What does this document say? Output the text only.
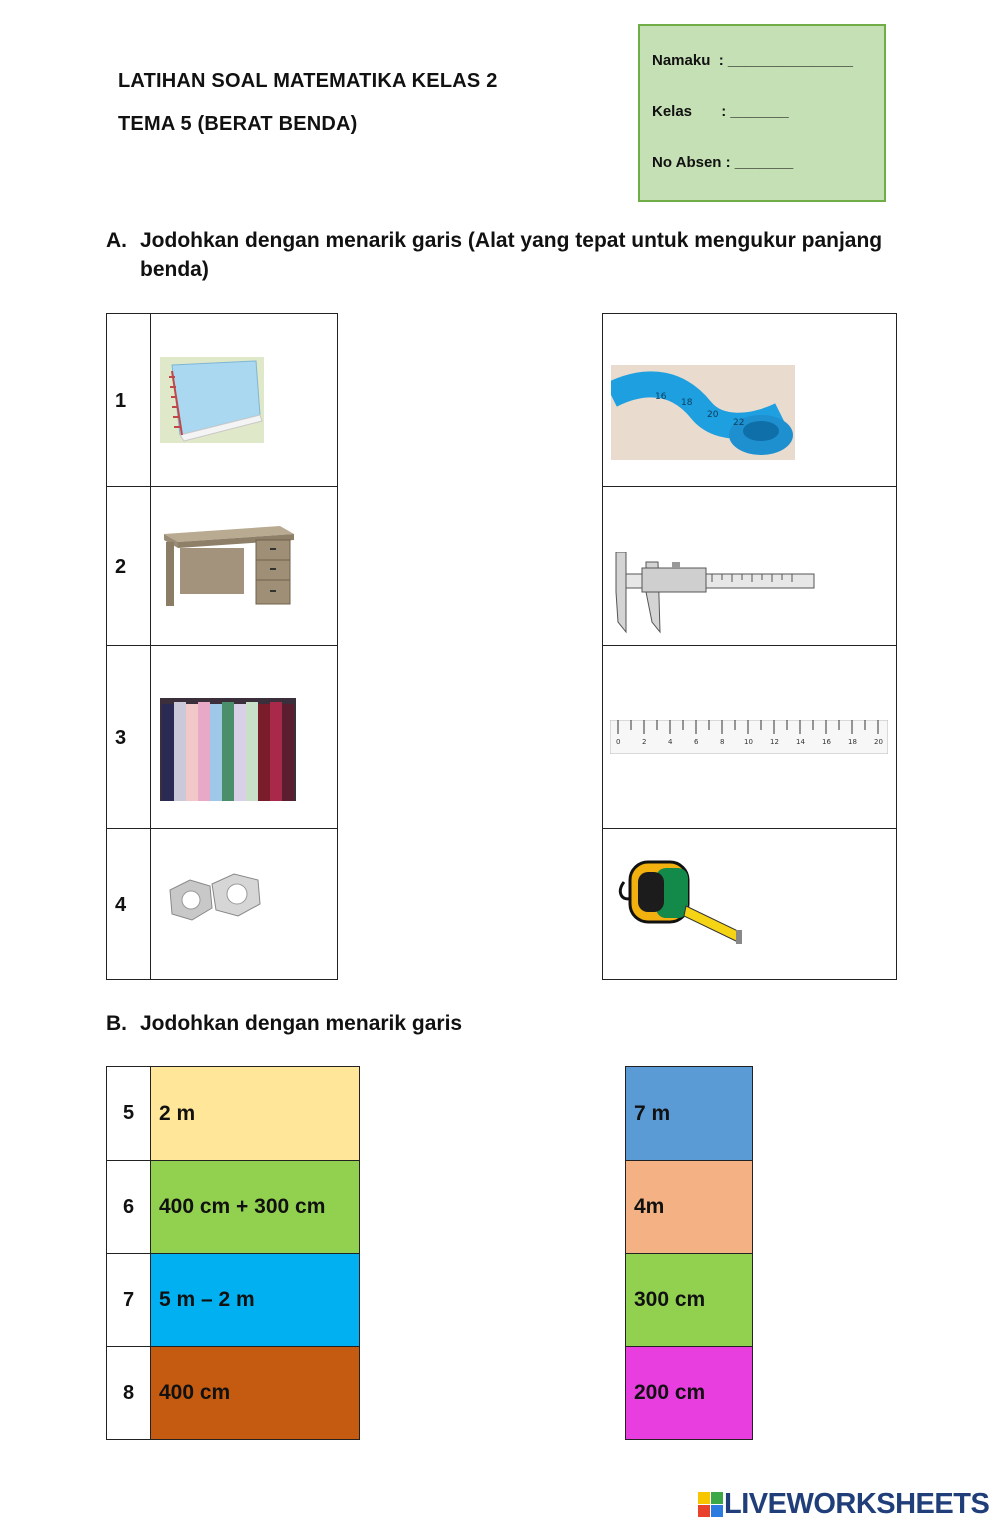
LATIHAN SOAL MATEMATIKA KELAS 2
TEMA 5 (BERAT BENDA)
Namaku  : _______________
Kelas       : _______
No Absen : _______
A. Jodohkan dengan menarik garis (Alat yang tepat untuk mengukur panjang benda)
1
2
3
4
16
18
20
22
0	2	4	6	8	10 12 14 16 18 20
B. Jodohkan dengan menarik garis
5	2 m
6	400 cm + 300 cm
7	5 m – 2 m
8	400 cm
7 m
4m
300 cm
200 cm
LIVEWORKSHEETS
